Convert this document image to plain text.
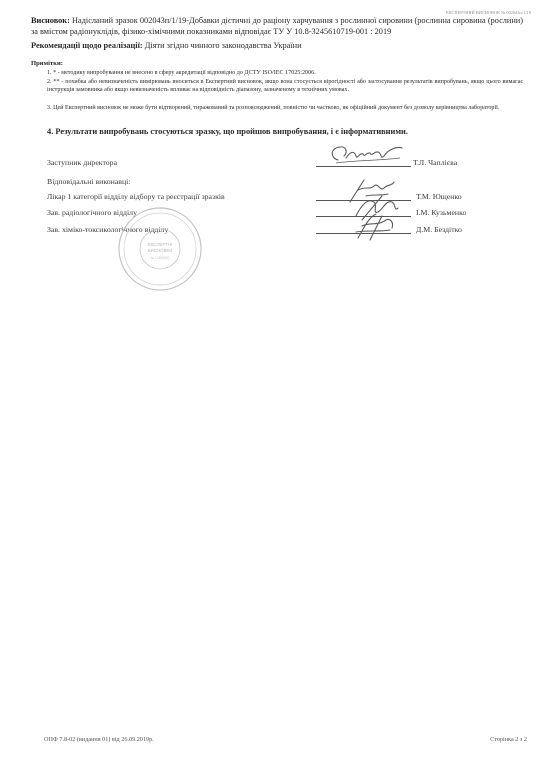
ЕКСПЕРТНИЙ ВИСНОВОК № 002043п/1/19
Висновок: Надісланий зразок 002043п/1/19-Добавки дієтичні до раціону харчування з рослинної сировини (рослинна сировина (рослини) за вмістом радіонуклідів, фізико-хімічними показниками відповідає ТУ У 10.8-3245610719-001 : 2019
Рекомендації щодо реалізації: Діяти згідно чинного законодавства України
Примітки:
1. * - методику випробування не внесено в сферу акредитації відповідно до ДСТУ ISO/IEC 17025:2006.
2. ** - похибка або невизначеність вимірювань вноситься в Експертний висновок, якщо вона стосується вірогідності або застосування результатів випробувань, якщо цього вимагає інструкція замовника або якщо невизначеність впливає на відповідність діапазону, зазначеному в технічних умовах.
3. Цей Експертний висновок не може бути відтворений, тиражований та розповсюджений, повністю чи частково, як офіційний документ без дозволу керівництва лабораторії.
4. Результати випробувань стосуються зразку, що пройшов випробування, і є інформативними.
Заступник директора	Т.Л. Чаплієва
Відповідальні виконавці:
Лікар 1 категорії відділу відбору та реєстрації зразків	Т.М. Ющенко
Зав. радіологічного відділу	І.М. Кузьменко
Зав. хіміко-токсикологічного відділу	Д.М. Бездітко
ЕКСПЕРТНІ
ВИСНОВКИ
№ 14206552
ОПФ 7.8-02 (видання 01) від 26.09.2019р.	Сторінка 2 з 2
